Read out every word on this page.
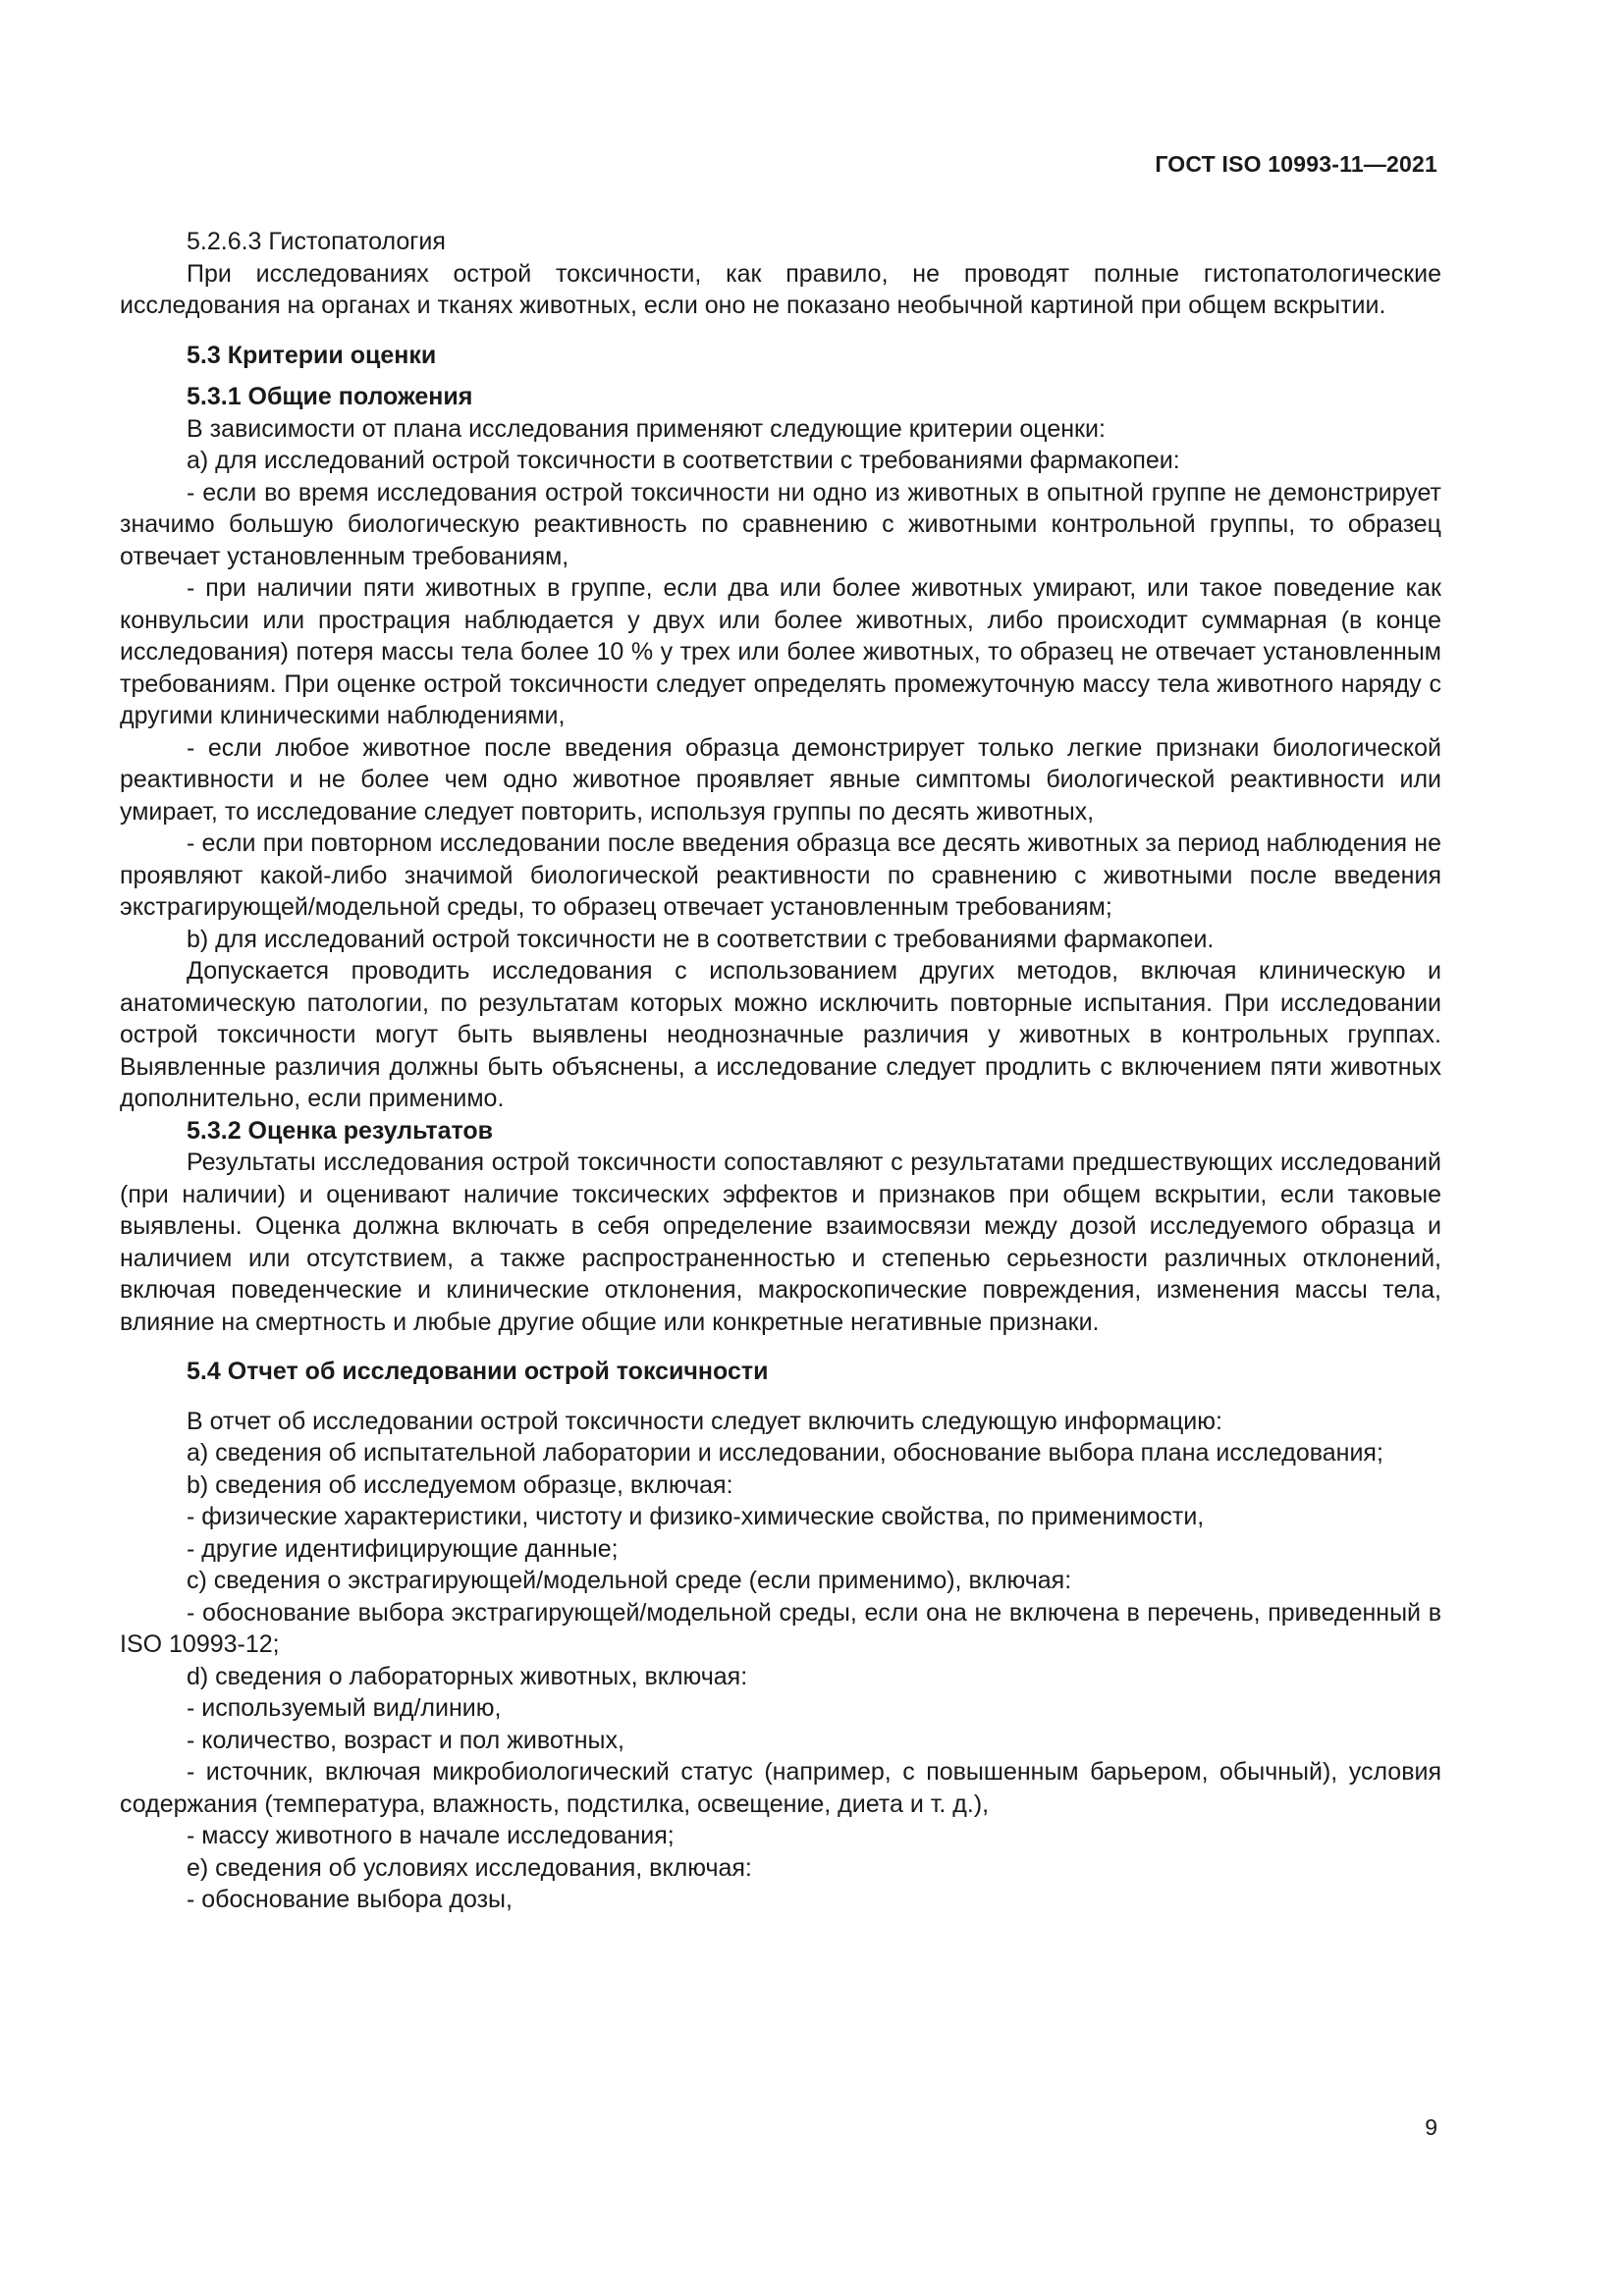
ГОСТ ISO 10993-11—2021

5.2.6.3 Гистопатология

При исследованиях острой токсичности, как правило, не проводят полные гистопатологические исследования на органах и тканях животных, если оно не показано необычной картиной при общем вскрытии.

5.3 Критерии оценки

5.3.1 Общие положения

В зависимости от плана исследования применяют следующие критерии оценки:

a) для исследований острой токсичности в соответствии с требованиями фармакопеи:

- если во время исследования острой токсичности ни одно из животных в опытной группе не демонстрирует значимо большую биологическую реактивность по сравнению с животными контрольной группы, то образец отвечает установленным требованиям,

- при наличии пяти животных в группе, если два или более животных умирают, или такое поведение как конвульсии или прострация наблюдается у двух или более животных, либо происходит суммарная (в конце исследования) потеря массы тела более 10 % у трех или более животных, то образец не отвечает установленным требованиям. При оценке острой токсичности следует определять промежуточную массу тела животного наряду с другими клиническими наблюдениями,

- если любое животное после введения образца демонстрирует только легкие признаки биологической реактивности и не более чем одно животное проявляет явные симптомы биологической реактивности или умирает, то исследование следует повторить, используя группы по десять животных,

- если при повторном исследовании после введения образца все десять животных за период наблюдения не проявляют какой-либо значимой биологической реактивности по сравнению с животными после введения экстрагирующей/модельной среды, то образец отвечает установленным требованиям;

b) для исследований острой токсичности не в соответствии с требованиями фармакопеи.

Допускается проводить исследования с использованием других методов, включая клиническую и анатомическую патологии, по результатам которых можно исключить повторные испытания. При исследовании острой токсичности могут быть выявлены неоднозначные различия у животных в контрольных группах. Выявленные различия должны быть объяснены, а исследование следует продлить с включением пяти животных дополнительно, если применимо.

5.3.2 Оценка результатов

Результаты исследования острой токсичности сопоставляют с результатами предшествующих исследований (при наличии) и оценивают наличие токсических эффектов и признаков при общем вскрытии, если таковые выявлены. Оценка должна включать в себя определение взаимосвязи между дозой исследуемого образца и наличием или отсутствием, а также распространенностью и степенью серьезности различных отклонений, включая поведенческие и клинические отклонения, макроскопические повреждения, изменения массы тела, влияние на смертность и любые другие общие или конкретные негативные признаки.

5.4 Отчет об исследовании острой токсичности

В отчет об исследовании острой токсичности следует включить следующую информацию:

a) сведения об испытательной лаборатории и исследовании, обоснование выбора плана исследования;

b) сведения об исследуемом образце, включая:

- физические характеристики, чистоту и физико-химические свойства, по применимости,

- другие идентифицирующие данные;

c) сведения о экстрагирующей/модельной среде (если применимо), включая:

- обоснование выбора экстрагирующей/модельной среды, если она не включена в перечень, приведенный в ISO 10993-12;

d) сведения о лабораторных животных, включая:

- используемый вид/линию,

- количество, возраст и пол животных,

- источник, включая микробиологический статус (например, с повышенным барьером, обычный), условия содержания (температура, влажность, подстилка, освещение, диета и т. д.),

- массу животного в начале исследования;

e) сведения об условиях исследования, включая:

- обоснование выбора дозы,

9
